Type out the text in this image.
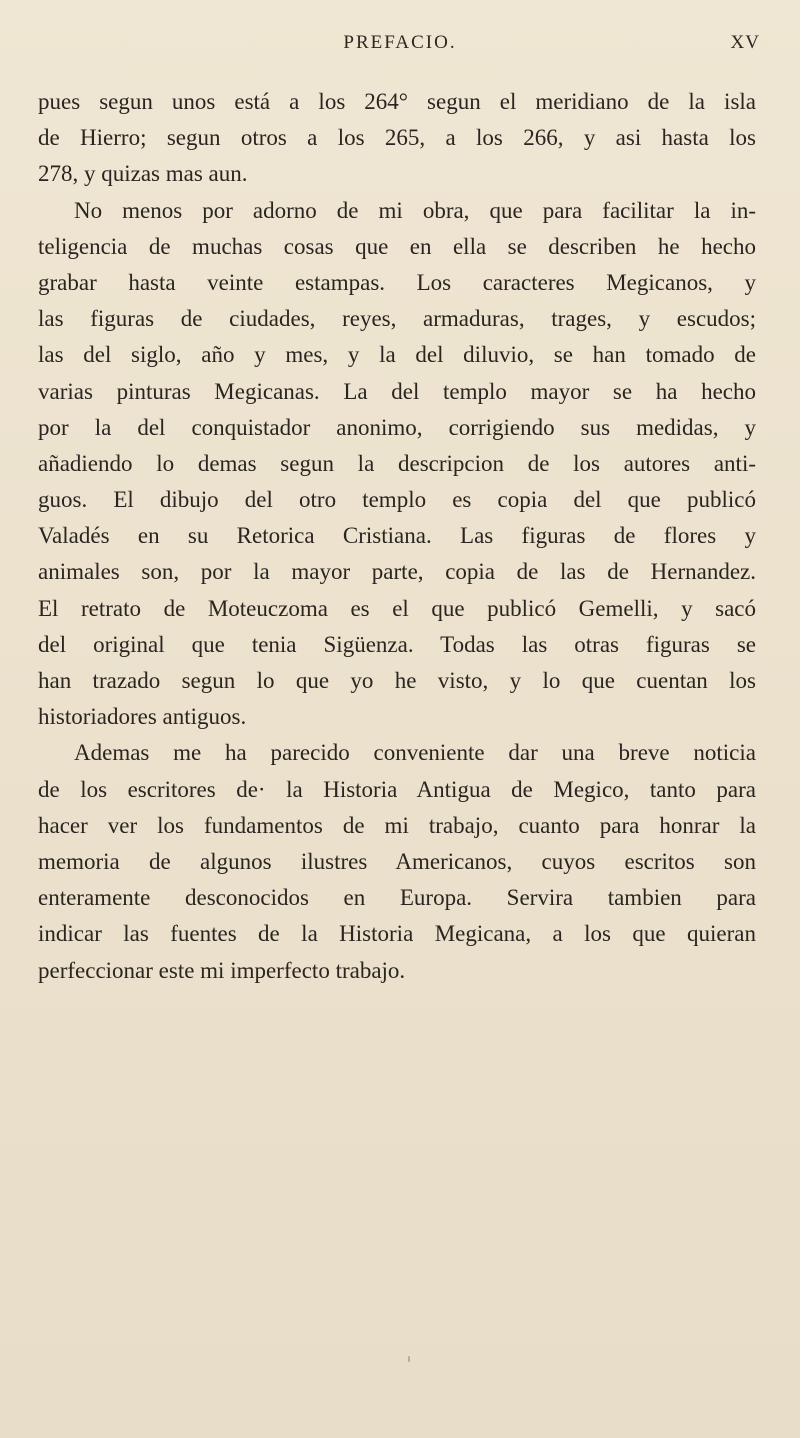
PREFACIO.	XV
pues segun unos está a los 264° segun el meridiano de la isla
de Hierro; segun otros a los 265, a los 266, y asi hasta los
278, y quizas mas aun.
No menos por adorno de mi obra, que para facilitar la in-
teligencia de muchas cosas que en ella se describen he hecho
grabar hasta veinte estampas. Los caracteres Megicanos, y
las figuras de ciudades, reyes, armaduras, trages, y escudos;
las del siglo, año y mes, y la del diluvio, se han tomado de
varias pinturas Megicanas. La del templo mayor se ha hecho
por la del conquistador anonimo, corrigiendo sus medidas, y
añadiendo lo demas segun la descripcion de los autores anti-
guos. El dibujo del otro templo es copia del que publicó
Valadés en su Retorica Cristiana. Las figuras de flores y
animales son, por la mayor parte, copia de las de Hernandez.
El retrato de Moteuczoma es el que publicó Gemelli, y sacó
del original que tenia Sigüenza. Todas las otras figuras se
han trazado segun lo que yo he visto, y lo que cuentan los
historiadores antiguos.
Ademas me ha parecido conveniente dar una breve noticia
de los escritores de· la Historia Antigua de Megico, tanto para
hacer ver los fundamentos de mi trabajo, cuanto para honrar la
memoria de algunos ilustres Americanos, cuyos escritos son
enteramente desconocidos en Europa. Servira tambien para
indicar las fuentes de la Historia Megicana, a los que quieran
perfeccionar este mi imperfecto trabajo.
